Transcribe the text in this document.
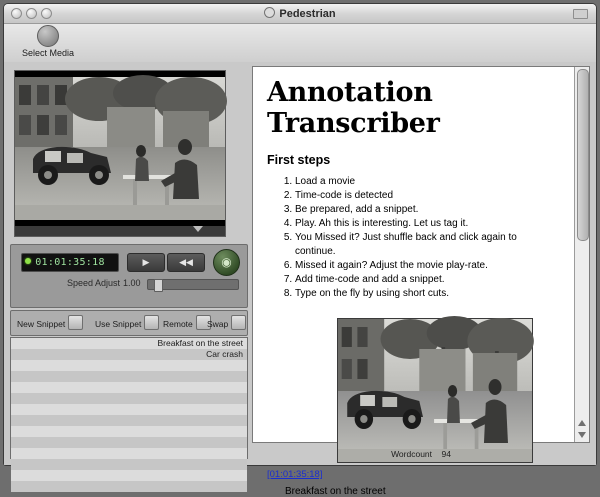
Pedestrian
Select Media
01:01:35:18	▶	◀◀	◉
Speed Adjust 1.00
New Snippet	Use Snippet	Remote	Swap
Breakfast on the street
Car crash
Annotation Transcriber
First steps
1. Load a movie
2. Time-code is detected
3. Be prepared, add a snippet.
4. Play. Ah this is interesting. Let us tag it.
5. You Missed it? Just shuffle back and click again to continue.
6. Missed it again? Adjust the movie play-rate.
7. Add time-code and add a snippet.
8. Type on the fly by using short cuts.
[01:01:35:18]
Breakfast on the street
Wordcount 94
